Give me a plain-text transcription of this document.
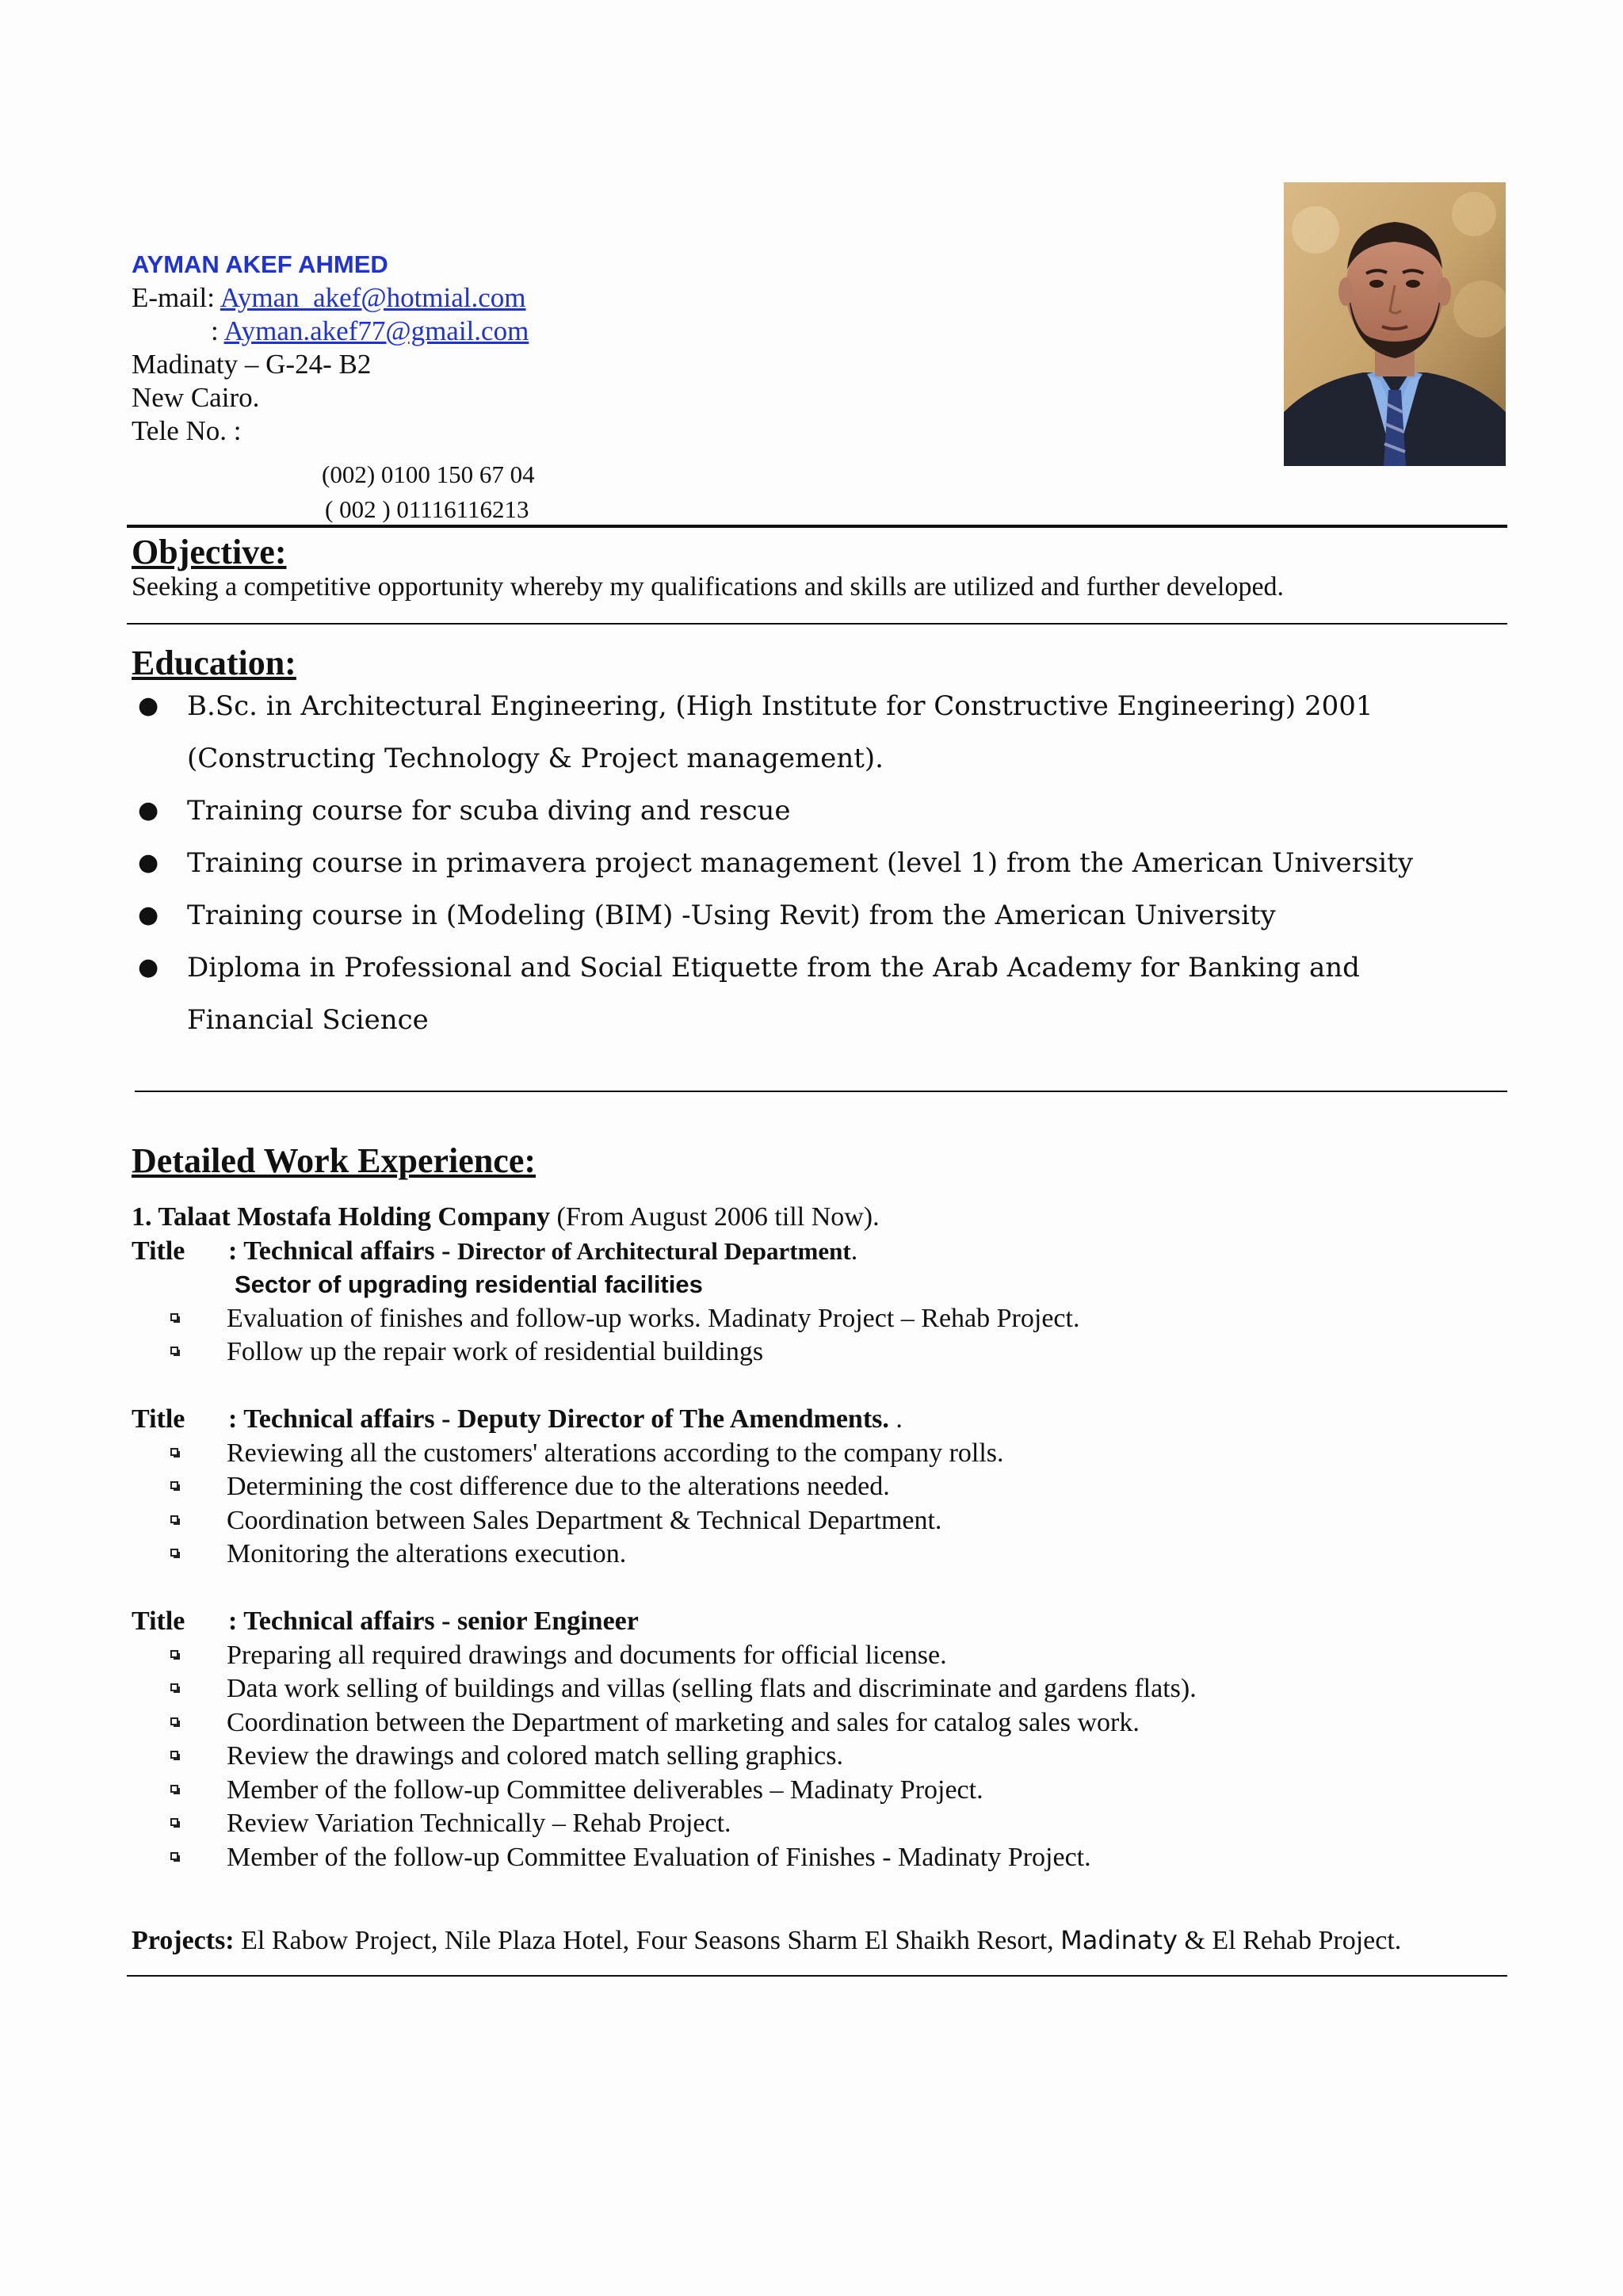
AYMAN AKEF AHMED
E-mail: Ayman_akef@hotmial.com
: Ayman.akef77@gmail.com
Madinaty – G-24- B2
New Cairo.
Tele No. :
(002) 0100 150 67 04
( 002 ) 01116116213
Objective:
Seeking a competitive opportunity whereby my qualifications and skills are utilized and further developed.
Education:
● B.Sc. in Architectural Engineering, (High Institute for Constructive Engineering) 2001
(Constructing Technology & Project management).
● Training course for scuba diving and rescue
● Training course in primavera project management (level 1) from the American University
● Training course in (Modeling (BIM) -Using Revit) from the American University
● Diploma in Professional and Social Etiquette from the Arab Academy for Banking and
Financial Science
Detailed Work Experience:
1. Talaat Mostafa Holding Company (From August 2006 till Now).
Title	: Technical affairs - Director of Architectural Department.
Sector of upgrading residential facilities
Evaluation of finishes and follow-up works. Madinaty Project – Rehab Project.
Follow up the repair work of residential buildings
Title	: Technical affairs - Deputy Director of The Amendments. .
Reviewing all the customers' alterations according to the company rolls.
Determining the cost difference due to the alterations needed.
Coordination between Sales Department & Technical Department.
Monitoring the alterations execution.
Title	: Technical affairs - senior Engineer
Preparing all required drawings and documents for official license.
Data work selling of buildings and villas (selling flats and discriminate and gardens flats).
Coordination between the Department of marketing and sales for catalog sales work.
Review the drawings and colored match selling graphics.
Member of the follow-up Committee deliverables – Madinaty Project.
Review Variation Technically – Rehab Project.
Member of the follow-up Committee Evaluation of Finishes - Madinaty Project.
Projects: El Rabow Project, Nile Plaza Hotel, Four Seasons Sharm El Shaikh Resort, Madinaty & El Rehab Project.
